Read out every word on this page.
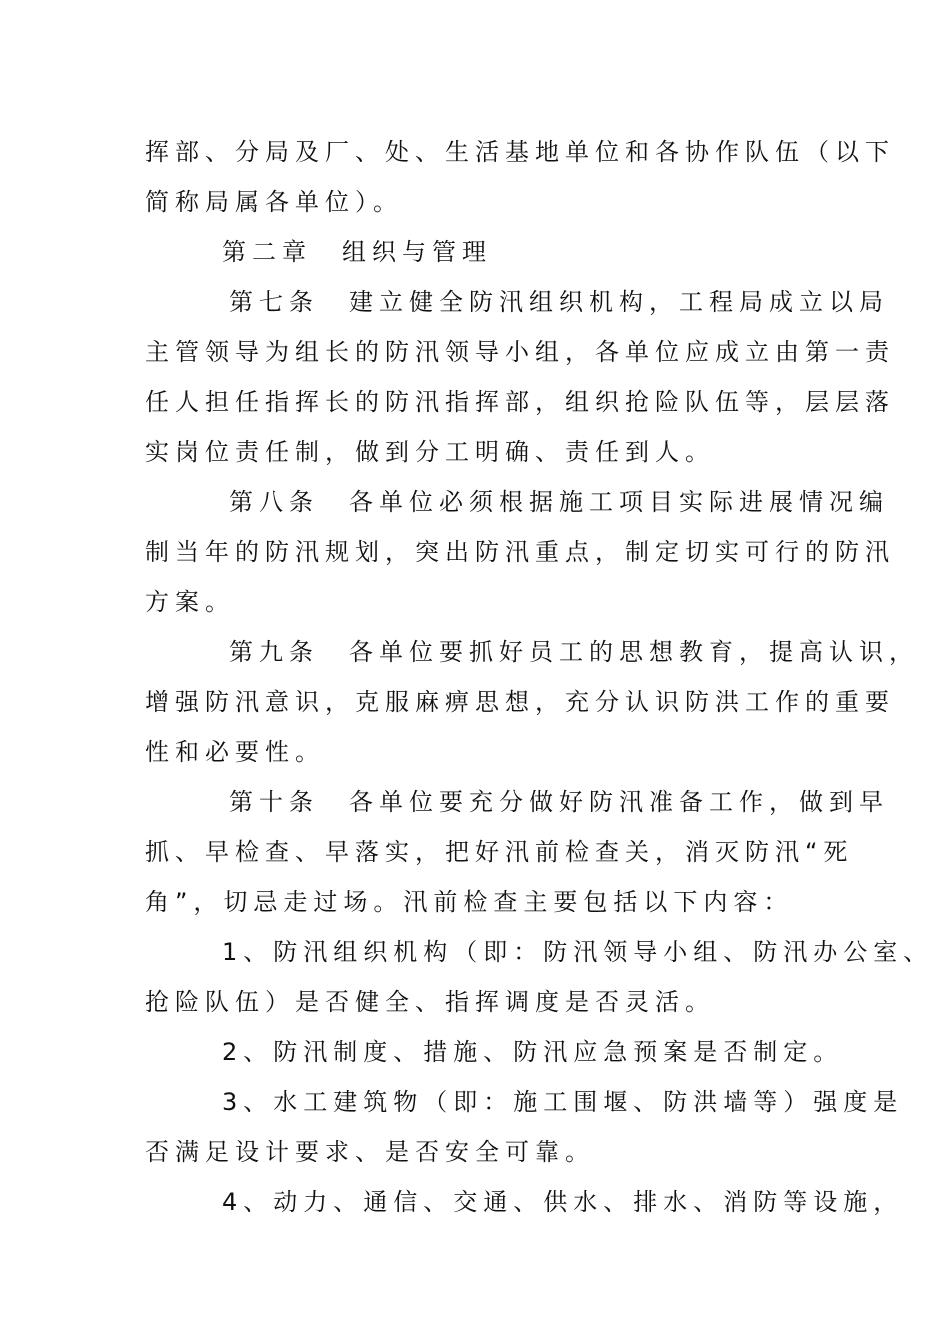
挥部、分局及厂、处、生活基地单位和各协作队伍（以下
简称局属各单位）。
第二章　组织与管理
第七条　建立健全防汛组织机构，工程局成立以局
主管领导为组长的防汛领导小组，各单位应成立由第一责
任人担任指挥长的防汛指挥部，组织抢险队伍等，层层落
实岗位责任制，做到分工明确、责任到人。
第八条　各单位必须根据施工项目实际进展情况编
制当年的防汛规划，突出防汛重点，制定切实可行的防汛
方案。
第九条　各单位要抓好员工的思想教育，提高认识，
增强防汛意识，克服麻痹思想，充分认识防洪工作的重要
性和必要性。
第十条　各单位要充分做好防汛准备工作，做到早
抓、早检查、早落实，把好汛前检查关，消灭防汛“死
角”，切忌走过场。汛前检查主要包括以下内容：
1、防汛组织机构（即：防汛领导小组、防汛办公室、
抢险队伍）是否健全、指挥调度是否灵活。
2、防汛制度、措施、防汛应急预案是否制定。
3、水工建筑物（即：施工围堰、防洪墙等）强度是
否满足设计要求、是否安全可靠。
4、动力、通信、交通、供水、排水、消防等设施，
